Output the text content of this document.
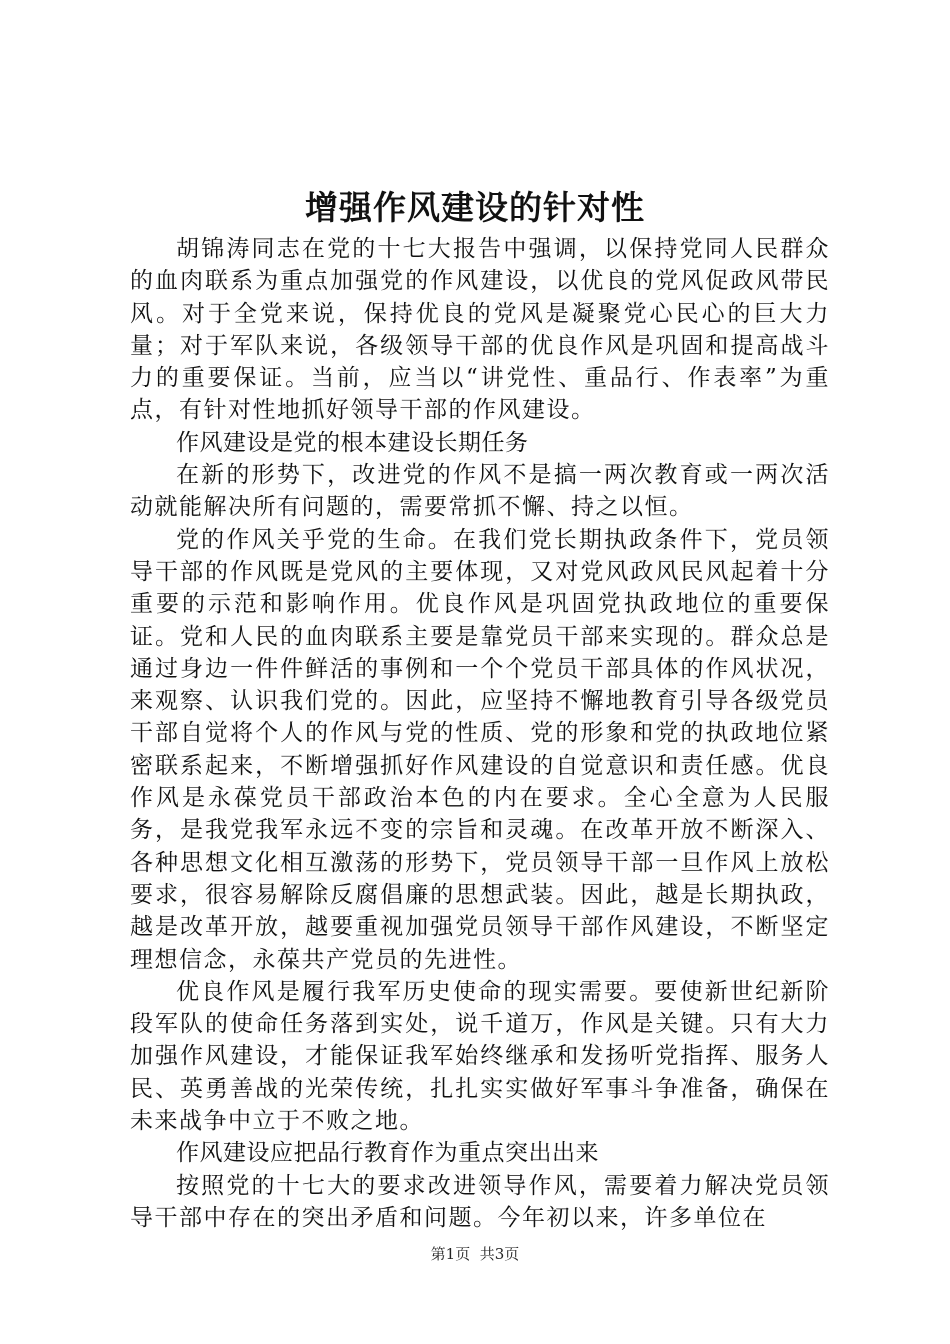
增强作风建设的针对性

胡锦涛同志在党的十七大报告中强调，以保持党同人民群众的血肉联系为重点加强党的作风建设，以优良的党风促政风带民风。对于全党来说，保持优良的党风是凝聚党心民心的巨大力量；对于军队来说，各级领导干部的优良作风是巩固和提高战斗力的重要保证。当前，应当以“讲党性、重品行、作表率”为重点，有针对性地抓好领导干部的作风建设。

作风建设是党的根本建设长期任务

在新的形势下，改进党的作风不是搞一两次教育或一两次活动就能解决所有问题的，需要常抓不懈、持之以恒。

党的作风关乎党的生命。在我们党长期执政条件下，党员领导干部的作风既是党风的主要体现，又对党风政风民风起着十分重要的示范和影响作用。优良作风是巩固党执政地位的重要保证。党和人民的血肉联系主要是靠党员干部来实现的。群众总是通过身边一件件鲜活的事例和一个个党员干部具体的作风状况，来观察、认识我们党的。因此，应坚持不懈地教育引导各级党员干部自觉将个人的作风与党的性质、党的形象和党的执政地位紧密联系起来，不断增强抓好作风建设的自觉意识和责任感。优良作风是永葆党员干部政治本色的内在要求。全心全意为人民服务，是我党我军永远不变的宗旨和灵魂。在改革开放不断深入、各种思想文化相互激荡的形势下，党员领导干部一旦作风上放松要求，很容易解除反腐倡廉的思想武装。因此，越是长期执政，越是改革开放，越要重视加强党员领导干部作风建设，不断坚定理想信念，永葆共产党员的先进性。

优良作风是履行我军历史使命的现实需要。要使新世纪新阶段军队的使命任务落到实处，说千道万，作风是关键。只有大力加强作风建设，才能保证我军始终继承和发扬听党指挥、服务人民、英勇善战的光荣传统，扎扎实实做好军事斗争准备，确保在未来战争中立于不败之地。

作风建设应把品行教育作为重点突出出来

按照党的十七大的要求改进领导作风，需要着力解决党员领导干部中存在的突出矛盾和问题。今年初以来，许多单位在

第1页 共3页
